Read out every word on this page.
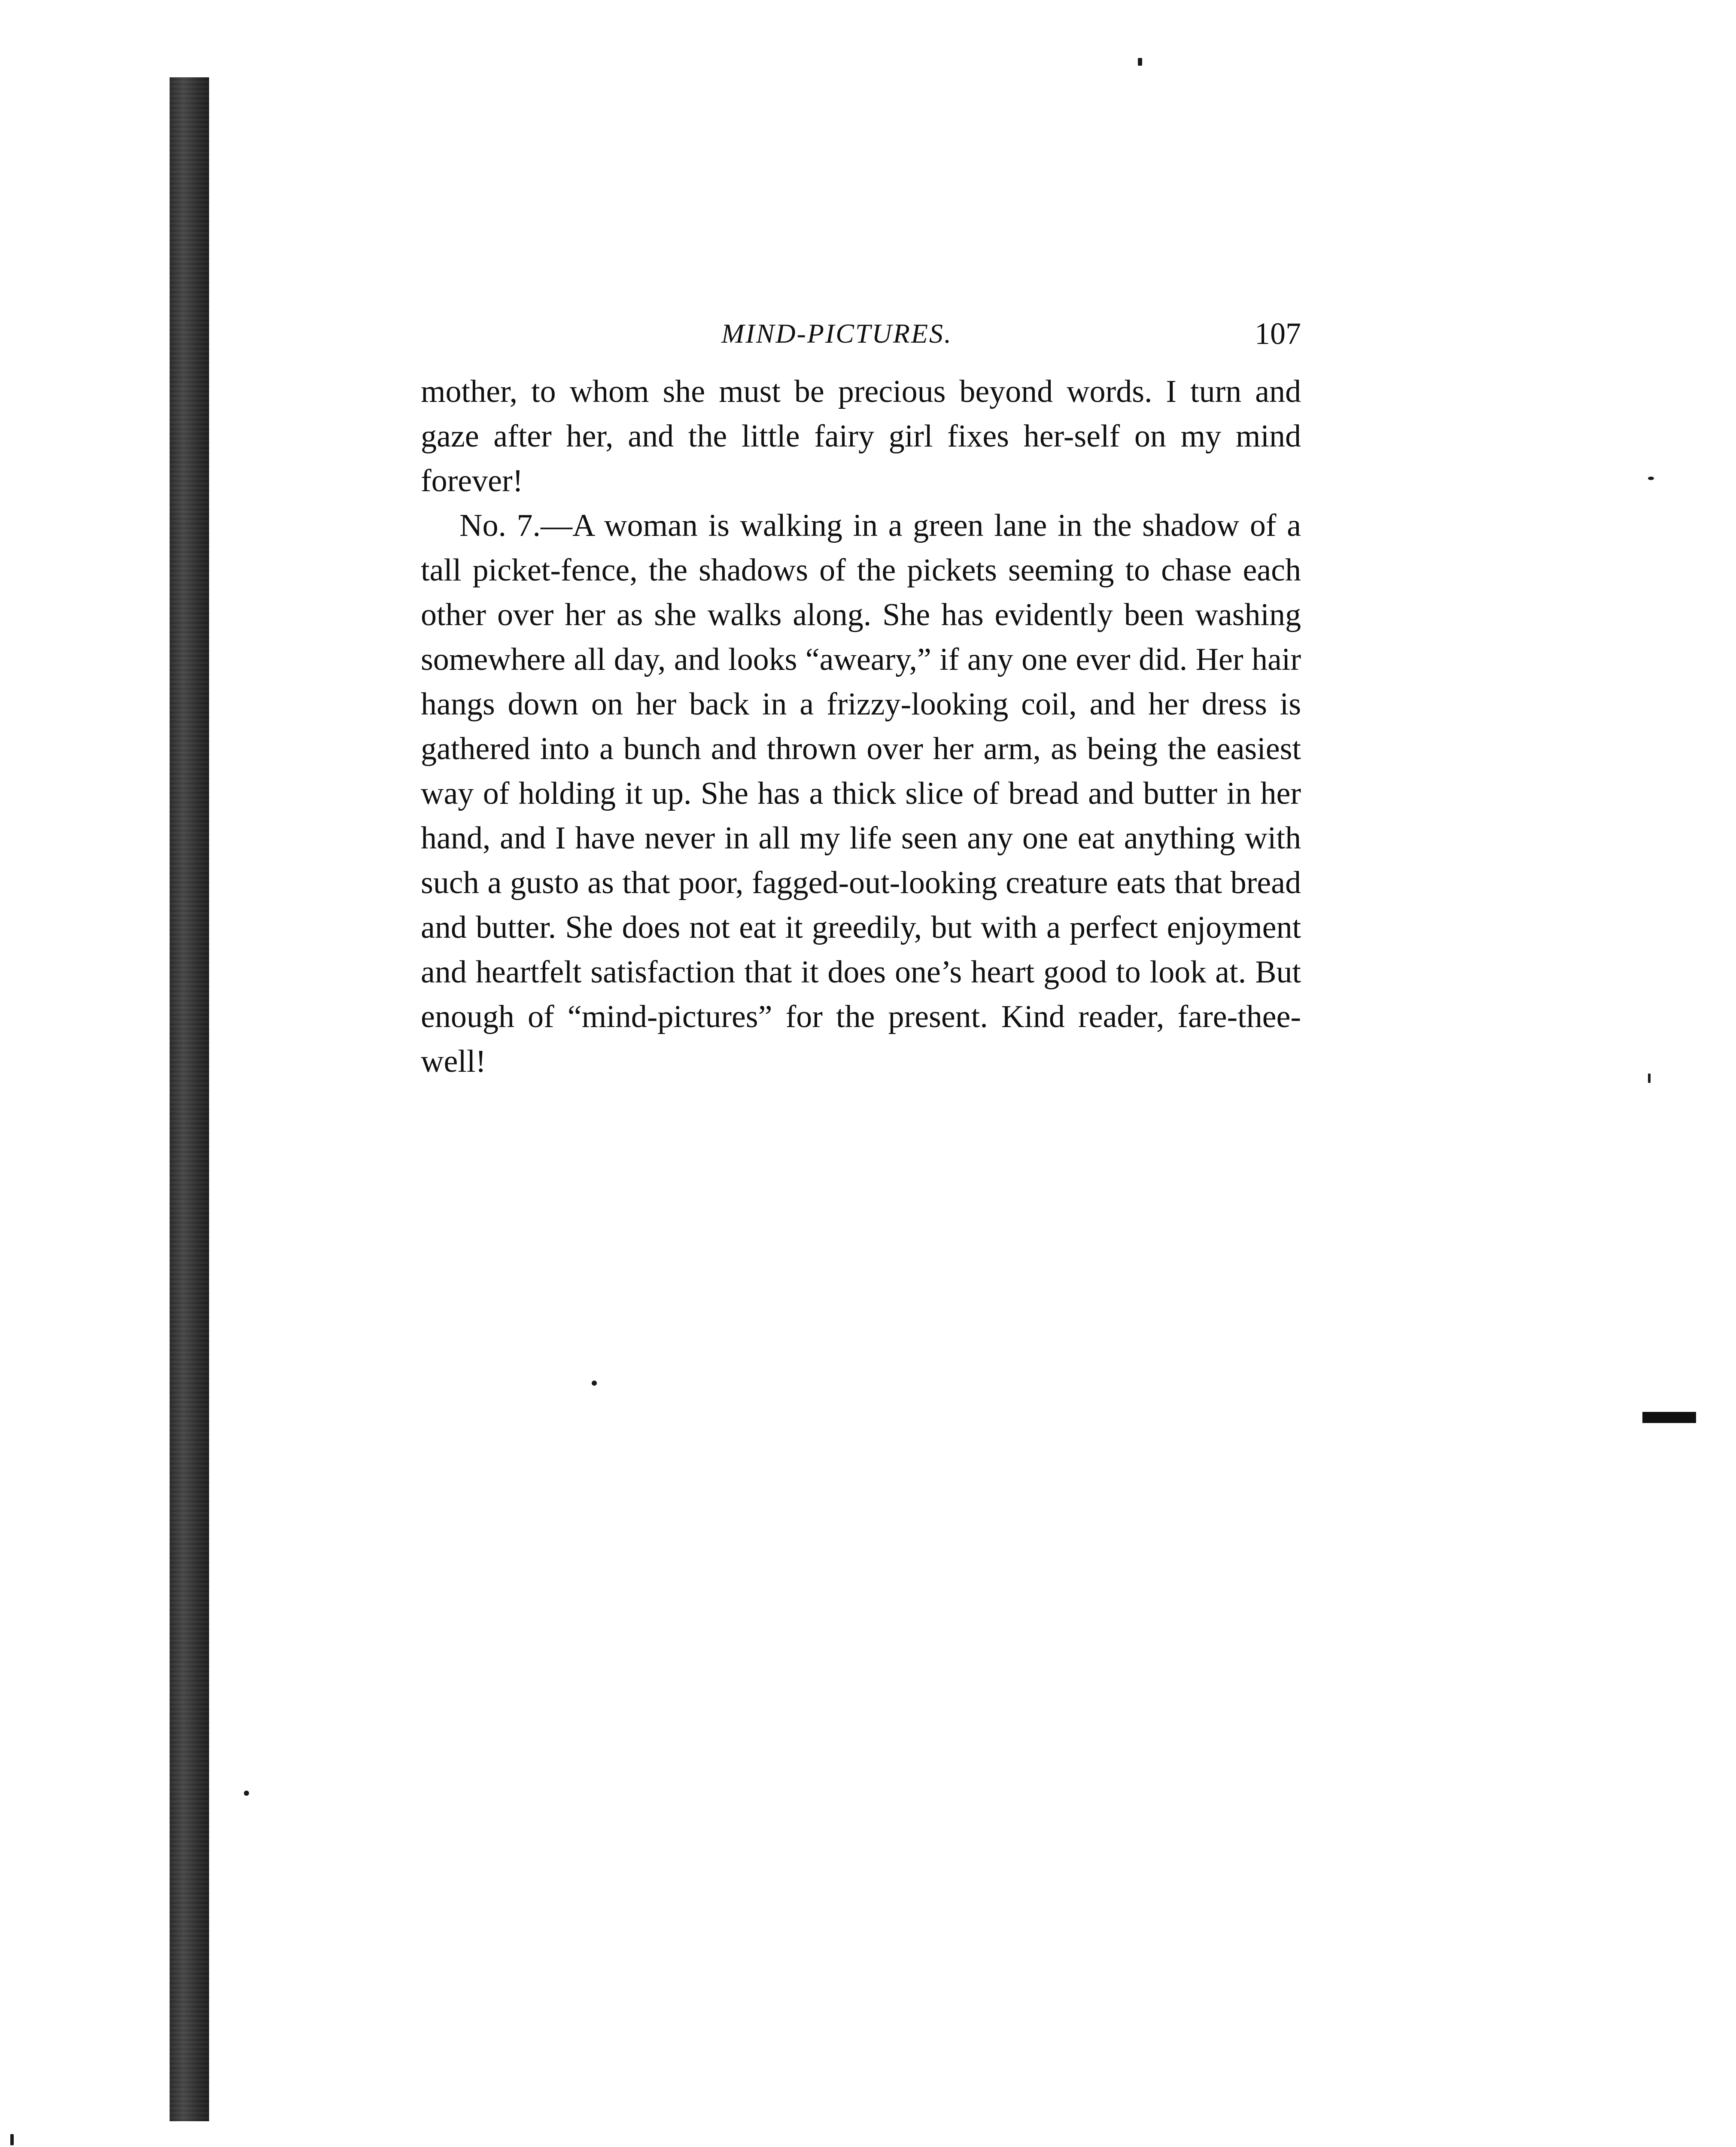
MIND-PICTURES.	107

mother, to whom she must be precious beyond words. I turn and gaze after her, and the little fairy girl fixes her-self on my mind forever!

No. 7.—A woman is walking in a green lane in the shadow of a tall picket-fence, the shadows of the pickets seeming to chase each other over her as she walks along. She has evidently been washing somewhere all day, and looks “aweary,” if any one ever did. Her hair hangs down on her back in a frizzy-looking coil, and her dress is gathered into a bunch and thrown over her arm, as being the easiest way of holding it up. She has a thick slice of bread and butter in her hand, and I have never in all my life seen any one eat anything with such a gusto as that poor, fagged-out-looking creature eats that bread and butter. She does not eat it greedily, but with a perfect enjoyment and heartfelt satisfaction that it does one’s heart good to look at. But enough of “mind-pictures” for the present. Kind reader, fare-thee-well!
